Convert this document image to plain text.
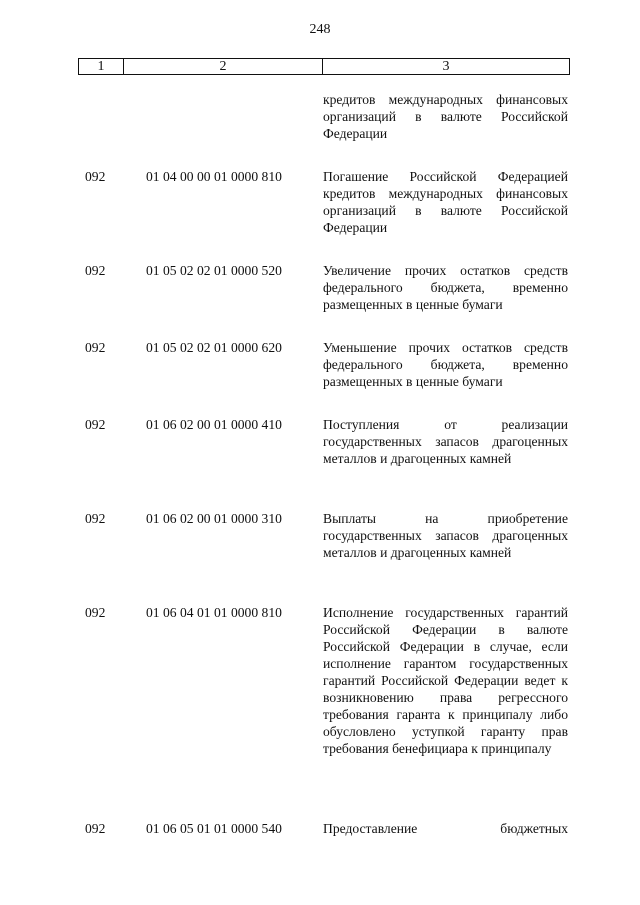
248
1	2	3
кредитов международных финансовых организаций в валюте Российской Федерации
092	01 04 00 00 01 0000 810	Погашение Российской Федерацией кредитов международных финансовых организаций в валюте Российской Федерации
092	01 05 02 02 01 0000 520	Увеличение прочих остатков средств федерального бюджета, временно размещенных в ценные бумаги
092	01 05 02 02 01 0000 620	Уменьшение прочих остатков средств федерального бюджета, временно размещенных в ценные бумаги
092	01 06 02 00 01 0000 410	Поступления от реализации государственных запасов драгоценных металлов и драгоценных камней
092	01 06 02 00 01 0000 310	Выплаты на приобретение государственных запасов драгоценных металлов и драгоценных камней
092	01 06 04 01 01 0000 810	Исполнение государственных гарантий Российской Федерации в валюте Российской Федерации в случае, если исполнение гарантом государственных гарантий Российской Федерации ведет к возникновению права регрессного требования гаранта к принципалу либо обусловлено уступкой гаранту прав требования бенефициара к принципалу
092	01 06 05 01 01 0000 540	Предоставление бюджетных
